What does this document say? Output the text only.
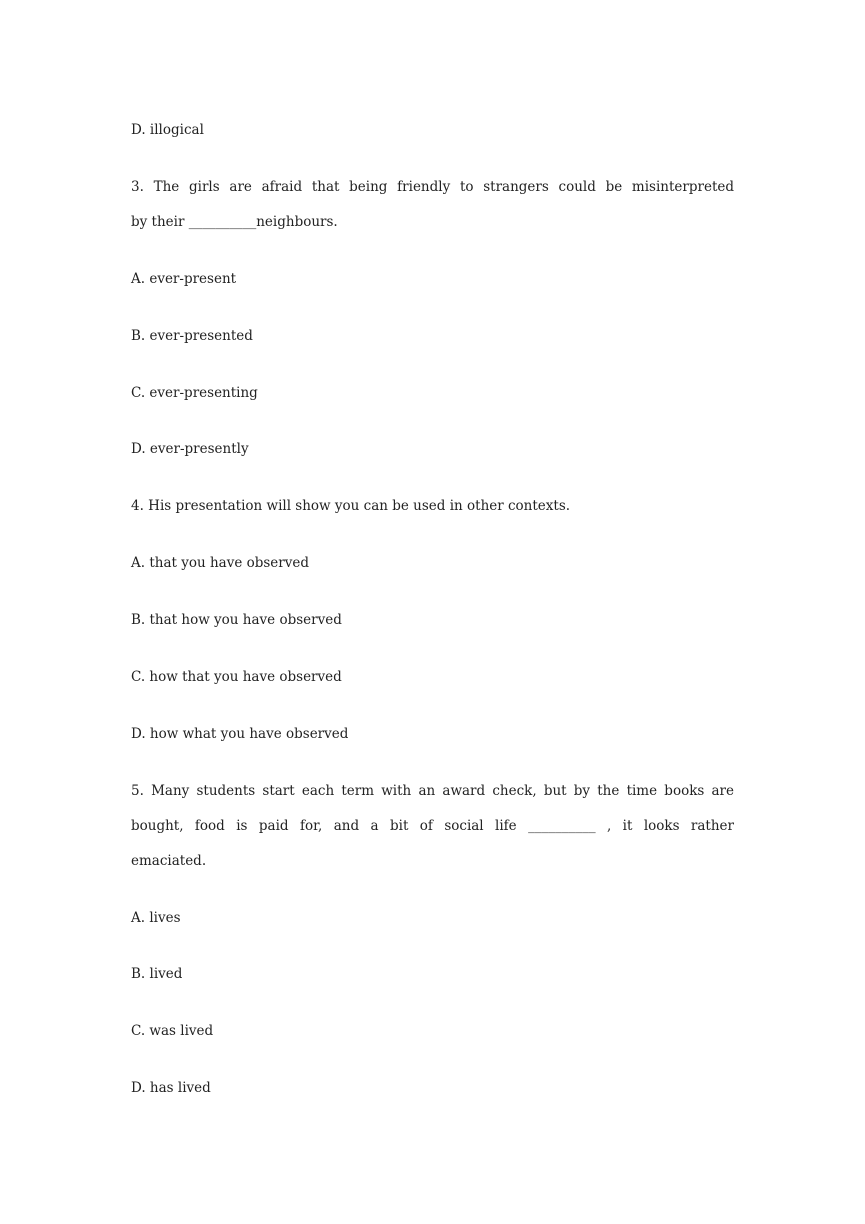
D. illogical
3. The girls are afraid that being friendly to strangers could be misinterpreted
by their __________neighbours.
A. ever-present
B. ever-presented
C. ever-presenting
D. ever-presently
4. His presentation will show you can be used in other contexts.
A. that you have observed
B. that how you have observed
C. how that you have observed
D. how what you have observed
5. Many students start each term with an award check, but by the time books are
bought, food is paid for, and a bit of social life __________ , it looks rather
emaciated.
A. lives
B. lived
C. was lived
D. has lived
